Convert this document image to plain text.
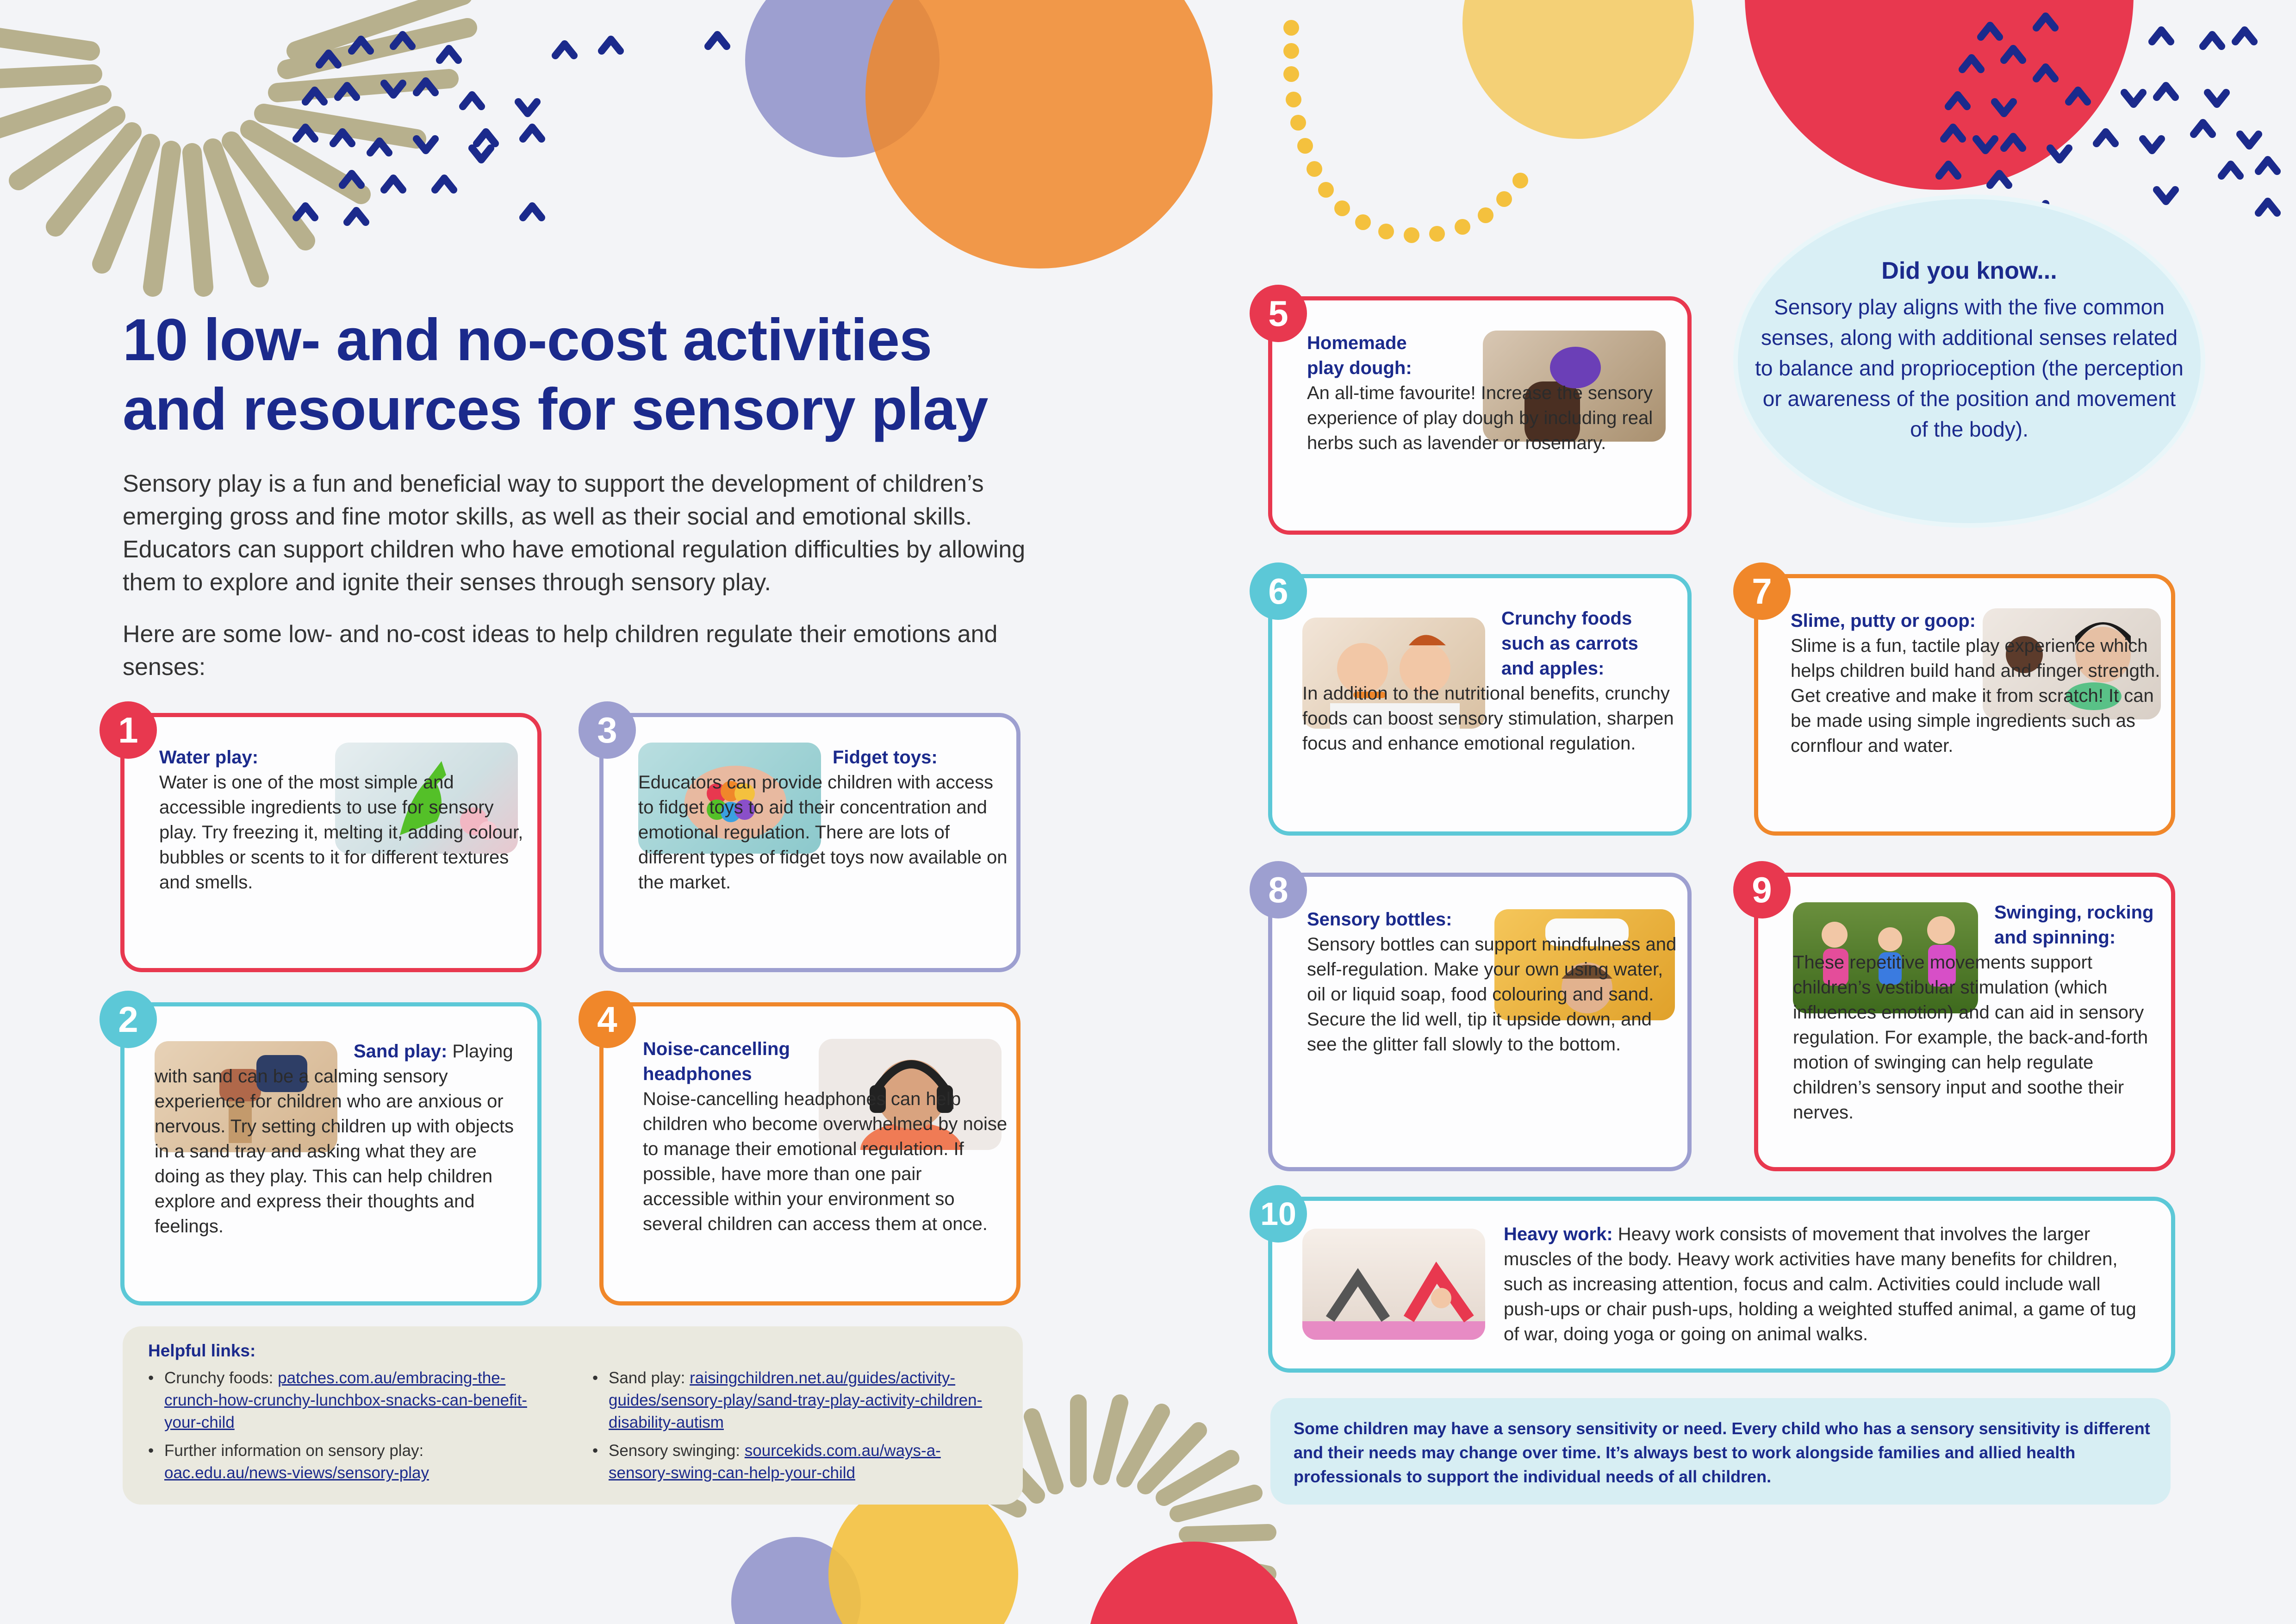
10 low- and no-cost activities and resources for sensory play

Sensory play is a fun and beneficial way to support the development of children’s emerging gross and fine motor skills, as well as their social and emotional skills. Educators can support children who have emotional regulation difficulties by allowing them to explore and ignite their senses through sensory play.

Here are some low- and no-cost ideas to help children regulate their emotions and senses:

Did you know...

Sensory play aligns with the five common senses, along with additional senses related to balance and proprioception (the perception or awareness of the position and movement of the body).

Water play:
Water is one of the most simple and accessible ingredients to use for sensory play. Try freezing it, melting it, adding colour, bubbles or scents to it for different textures and smells.

1

Fidget toys:
Educators can provide children with access to fidget toys to aid their concentration and emotional regulation. There are lots of different types of fidget toys now available on the market.

3

Sand play: Playing with sand can be a calming sensory experience for children who are anxious or nervous. Try setting children up with objects in a sand tray and asking what they are doing as they play. This can help children explore and express their thoughts and feelings.

2

Noise-cancelling headphones
Noise-cancelling headphones can help children who become overwhelmed by noise to manage their emotional regulation. If possible, have more than one pair accessible within your environment so several children can access them at once.

4

Homemade play dough:
An all-time favourite! Increase the sensory experience of play dough by including real herbs such as lavender or rosemary.

5

Crunchy foods such as carrots and apples:
In addition to the nutritional benefits, crunchy foods can boost sensory stimulation, sharpen focus and enhance emotional regulation.

6

Slime, putty or goop:
Slime is a fun, tactile play experience which helps children build hand and finger strength. Get creative and make it from scratch! It can be made using simple ingredients such as cornflour and water.

7

Sensory bottles:
Sensory bottles can support mindfulness and self-regulation. Make your own using water, oil or liquid soap, food colouring and sand. Secure the lid well, tip it upside down, and see the glitter fall slowly to the bottom.

8

Swinging, rocking and spinning:
These repetitive movements support children’s vestibular stimulation (which influences emotion) and can aid in sensory regulation. For example, the back-and-forth motion of swinging can help regulate children’s sensory input and soothe their nerves.

9

Heavy work: Heavy work consists of movement that involves the larger muscles of the body. Heavy work activities have many benefits for children, such as increasing attention, focus and calm. Activities could include wall push-ups or chair push-ups, holding a weighted stuffed animal, a game of tug of war, doing yoga or going on animal walks.

10

Helpful links:

• Crunchy foods: patches.com.au/embracing-the-crunch-how-crunchy-lunchbox-snacks-can-benefit-your-child
• Further information on sensory play:
oac.edu.au/news-views/sensory-play
• Sand play: raisingchildren.net.au/guides/activity-guides/sensory-play/sand-tray-play-activity-children-disability-autism
• Sensory swinging: sourcekids.com.au/ways-a-sensory-swing-can-help-your-child

Some children may have a sensory sensitivity or need. Every child who has a sensory sensitivity is different and their needs may change over time. It’s always best to work alongside families and allied health professionals to support the individual needs of all children.
